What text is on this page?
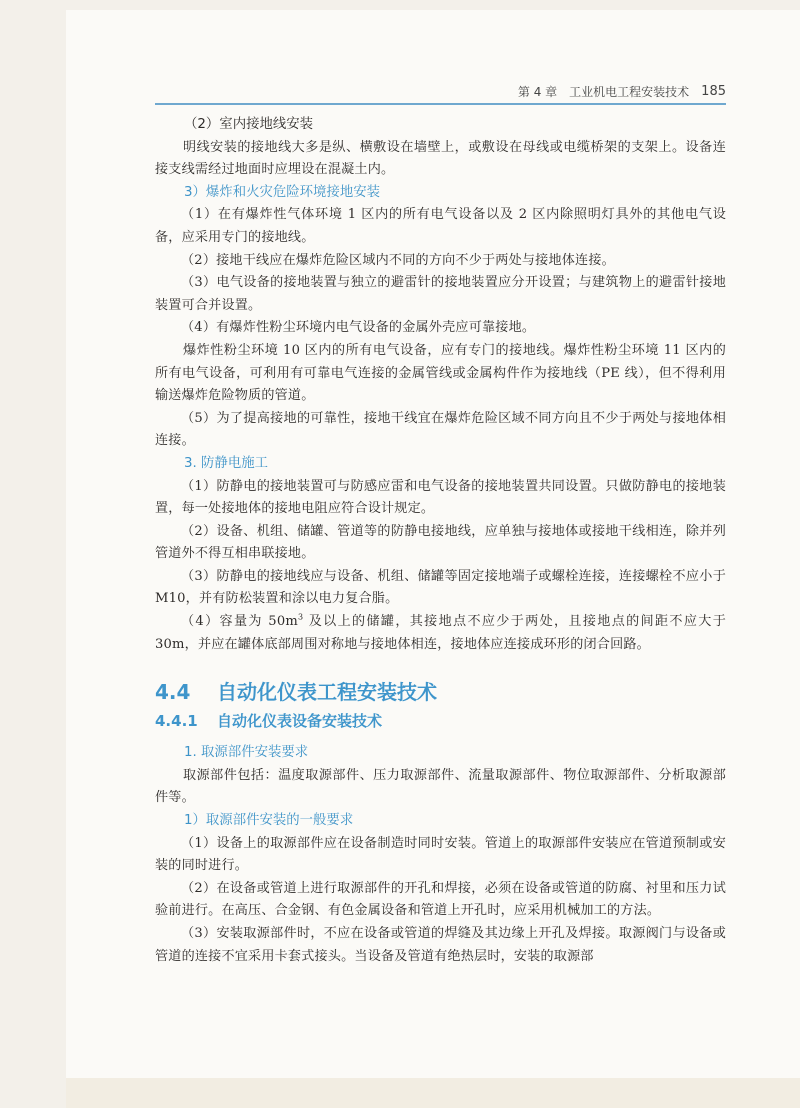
第 4 章 工业机电工程安装技术 185

（2）室内接地线安装

明线安装的接地线大多是纵、横敷设在墙壁上，或敷设在母线或电缆桥架的支架上。设备连接支线需经过地面时应埋设在混凝土内。

3）爆炸和火灾危险环境接地安装

（1）在有爆炸性气体环境 1 区内的所有电气设备以及 2 区内除照明灯具外的其他电气设备，应采用专门的接地线。

（2）接地干线应在爆炸危险区域内不同的方向不少于两处与接地体连接。

（3）电气设备的接地装置与独立的避雷针的接地装置应分开设置；与建筑物上的避雷针接地装置可合并设置。

（4）有爆炸性粉尘环境内电气设备的金属外壳应可靠接地。

爆炸性粉尘环境 10 区内的所有电气设备，应有专门的接地线。爆炸性粉尘环境 11 区内的所有电气设备，可利用有可靠电气连接的金属管线或金属构件作为接地线（PE 线），但不得利用输送爆炸危险物质的管道。

（5）为了提高接地的可靠性，接地干线宜在爆炸危险区域不同方向且不少于两处与接地体相连接。

3. 防静电施工

（1）防静电的接地装置可与防感应雷和电气设备的接地装置共同设置。只做防静电的接地装置，每一处接地体的接地电阻应符合设计规定。

（2）设备、机组、储罐、管道等的防静电接地线，应单独与接地体或接地干线相连，除并列管道外不得互相串联接地。

（3）防静电的接地线应与设备、机组、储罐等固定接地端子或螺栓连接，连接螺栓不应小于 M10，并有防松装置和涂以电力复合脂。

（4）容量为 $50m^3$ 及以上的储罐，其接地点不应少于两处，且接地点的间距不应大于 30m，并应在罐体底部周围对称地与接地体相连，接地体应连接成环形的闭合回路。

4.4 自动化仪表工程安装技术
4.4.1 自动化仪表设备安装技术

1. 取源部件安装要求

取源部件包括：温度取源部件、压力取源部件、流量取源部件、物位取源部件、分析取源部件等。

1）取源部件安装的一般要求

（1）设备上的取源部件应在设备制造时同时安装。管道上的取源部件安装应在管道预制或安装的同时进行。

（2）在设备或管道上进行取源部件的开孔和焊接，必须在设备或管道的防腐、衬里和压力试验前进行。在高压、合金钢、有色金属设备和管道上开孔时，应采用机械加工的方法。

（3）安装取源部件时，不应在设备或管道的焊缝及其边缘上开孔及焊接。取源阀门与设备或管道的连接不宜采用卡套式接头。当设备及管道有绝热层时，安装的取源部
